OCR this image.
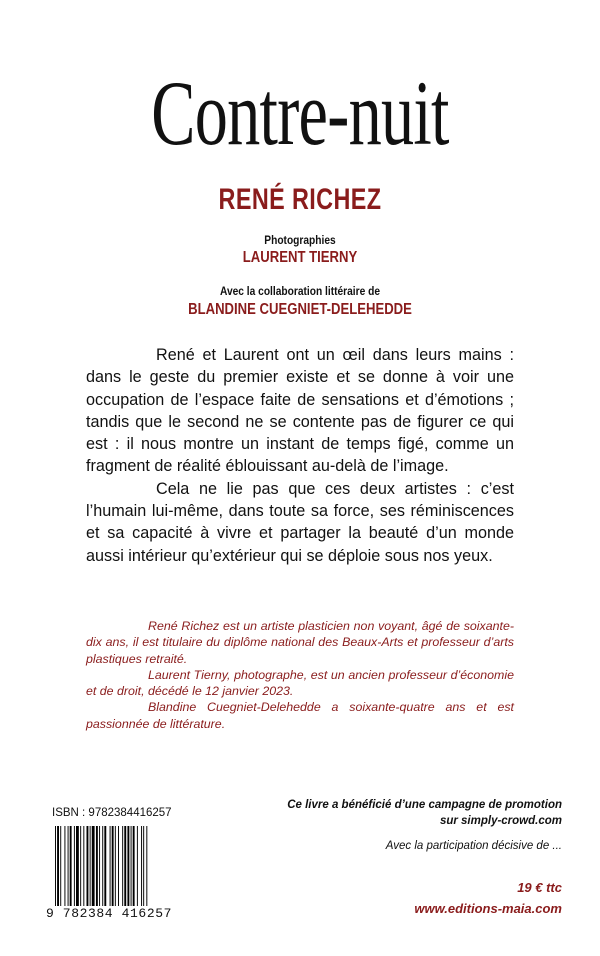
Contre-nuit
RENÉ RICHEZ
Photographies
LAURENT TIERNY
Avec la collaboration littéraire de
BLANDINE CUEGNIET-DELEHEDDE

René et Laurent ont un œil dans leurs mains : dans le geste du premier existe et se donne à voir une occupation de l’espace faite de sensations et d’émotions ; tandis que le second ne se contente pas de figurer ce qui est : il nous montre un instant de temps figé, comme un fragment de réalité éblouissant au-delà de l’image.

Cela ne lie pas que ces deux artistes : c’est l’humain lui-même, dans toute sa force, ses réminiscences et sa capacité à vivre et partager la beauté d’un monde aussi intérieur qu’extérieur qui se déploie sous nos yeux.

René Richez est un artiste plasticien non voyant, âgé de soixante-dix ans, il est titulaire du diplôme national des Beaux-Arts et professeur d’arts plastiques retraité.

Laurent Tierny, photographe, est un ancien professeur d’économie et de droit, décédé le 12 janvier 2023.

Blandine Cuegniet-Delehedde a soixante-quatre ans et est passionnée de littérature.

ISBN : 9782384416257
9 782384 416257
Ce livre a bénéficié d’une campagne de promotion
sur simply-crowd.com
Avec la participation décisive de ...
19 € ttc
www.editions-maia.com
